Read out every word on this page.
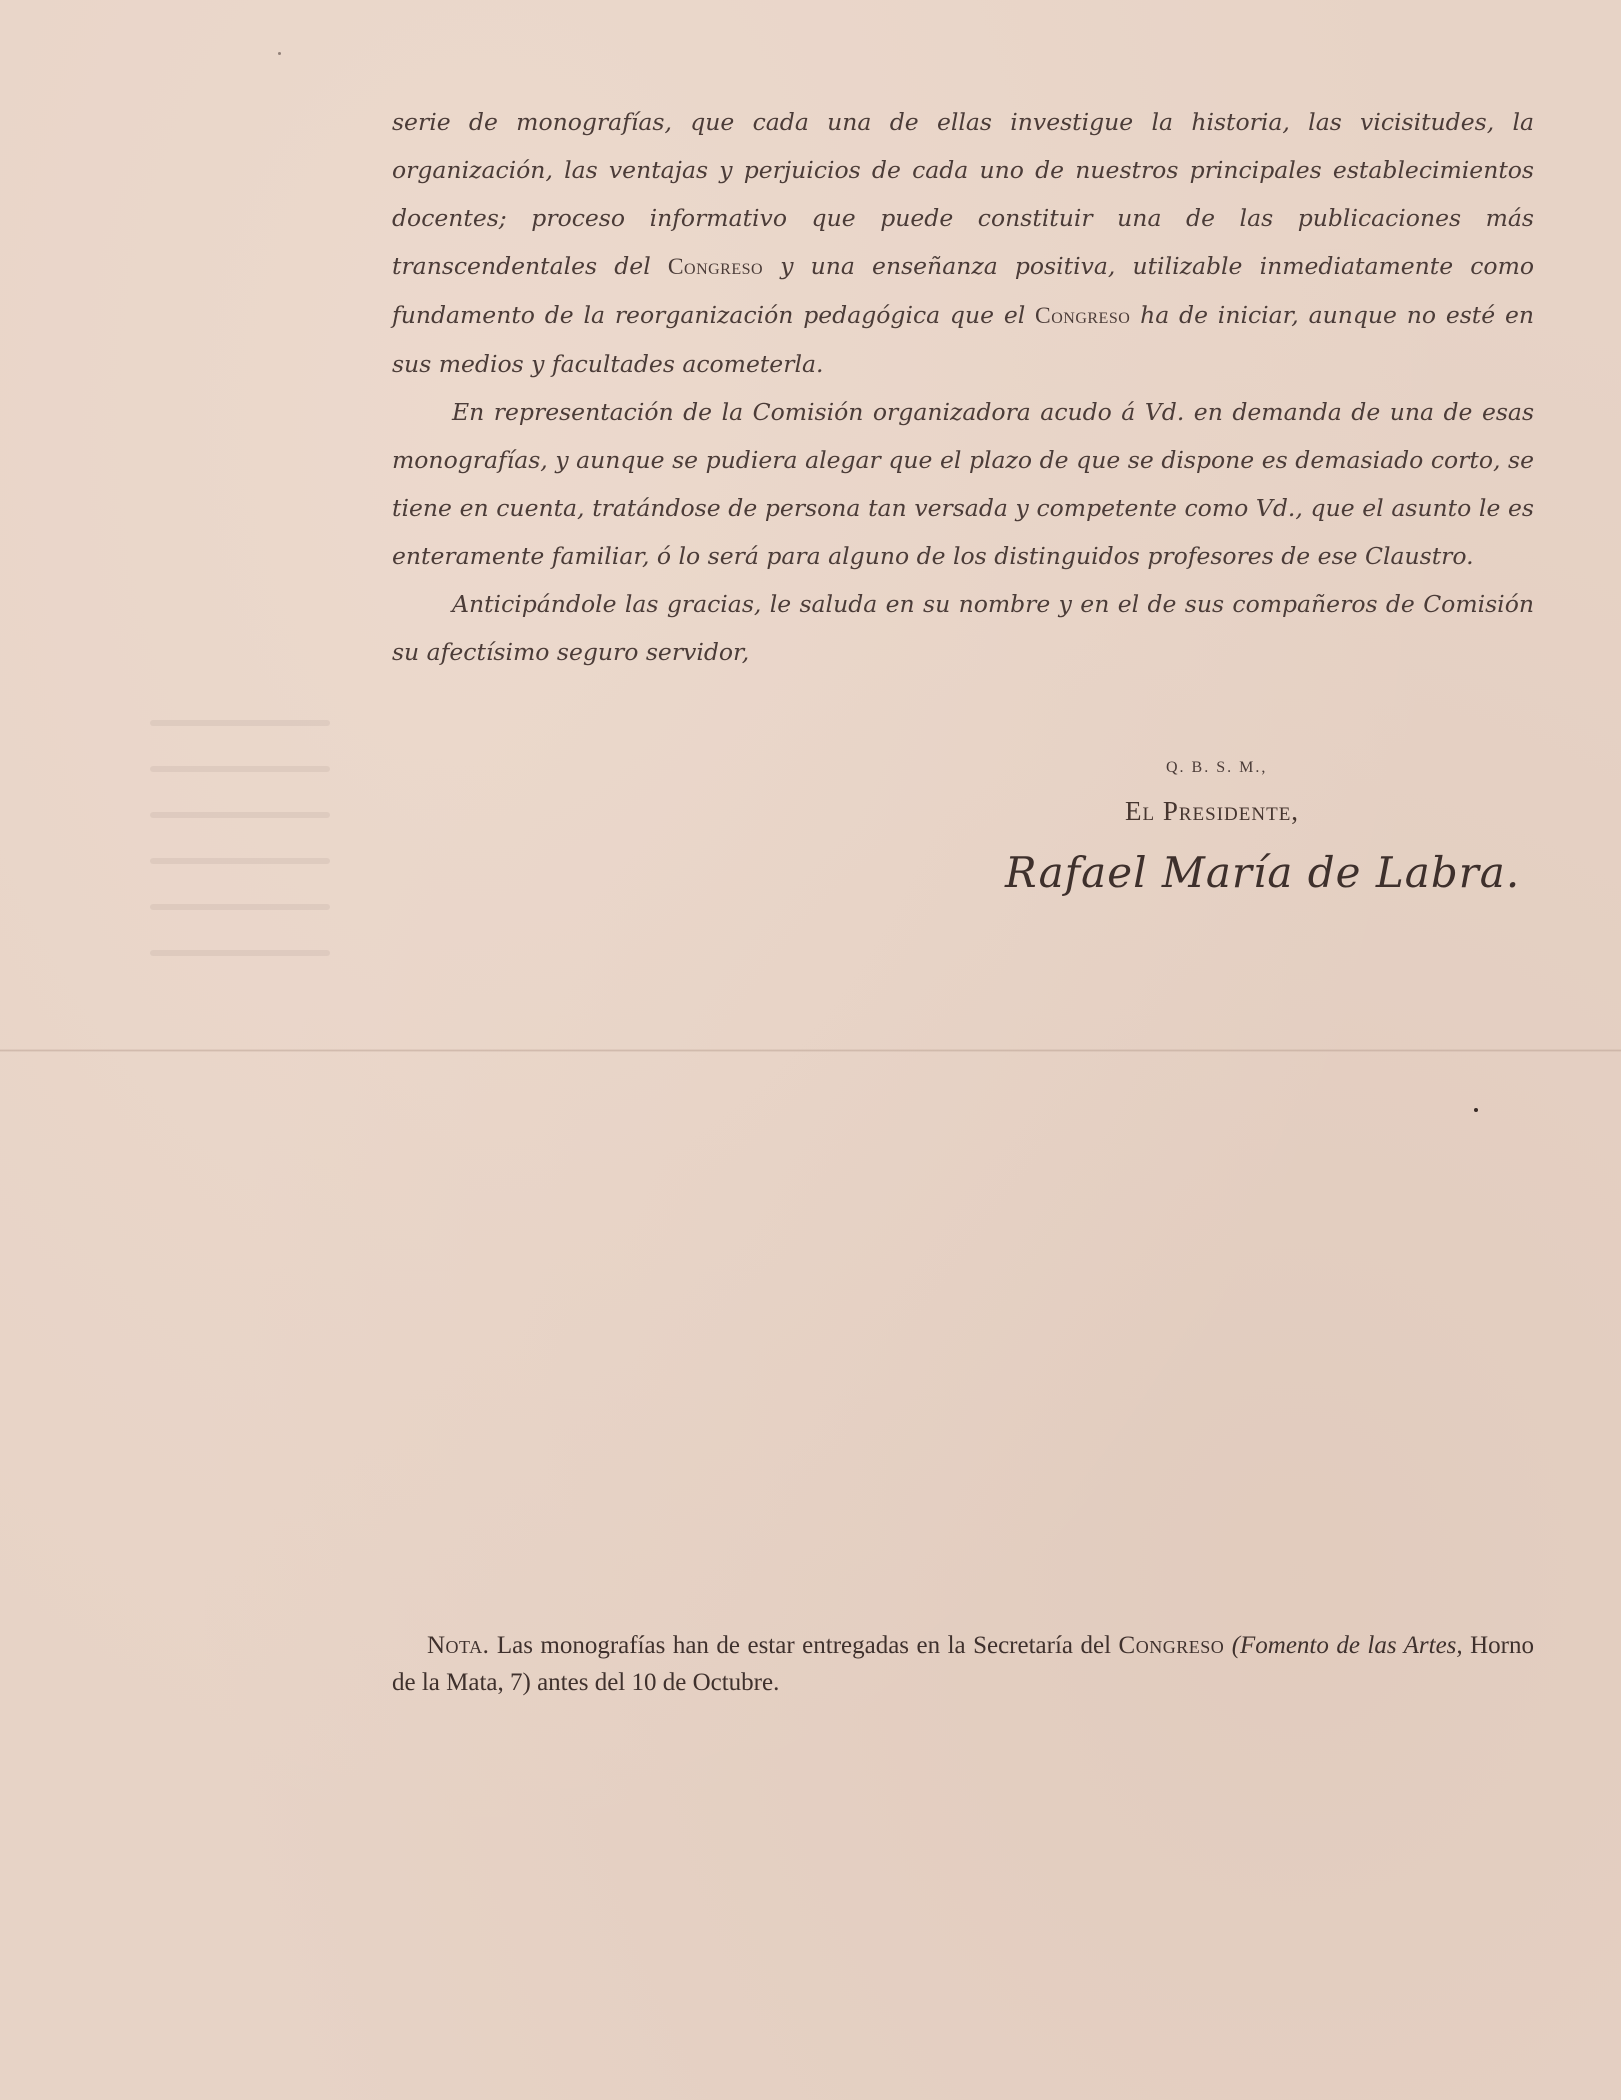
serie de monografías, que cada una de ellas investigue la historia, las vicisitudes, la organización, las ventajas y perjuicios de cada uno de nuestros principales establecimientos docentes; proceso informativo que puede constituir una de las publicaciones más transcendentales del Congreso y una enseñanza positiva, utilizable inmediatamente como fundamento de la reorganización pedagógica que el Congreso ha de iniciar, aunque no esté en sus medios y facultades acometerla.

En representación de la Comisión organizadora acudo á Vd. en demanda de una de esas monografías, y aunque se pudiera alegar que el plazo de que se dispone es demasiado corto, se tiene en cuenta, tratándose de persona tan versada y competente como Vd., que el asunto le es enteramente familiar, ó lo será para alguno de los distinguidos profesores de ese Claustro.

Anticipándole las gracias, le saluda en su nombre y en el de sus compañeros de Comisión su afectísimo seguro servidor,

Q. B. S. M.,
El Presidente,
Rafael María de Labra.
Nota. Las monografías han de estar entregadas en la Secretaría del Congreso (Fomento de las Artes, Horno de la Mata, 7) antes del 10 de Octubre.
